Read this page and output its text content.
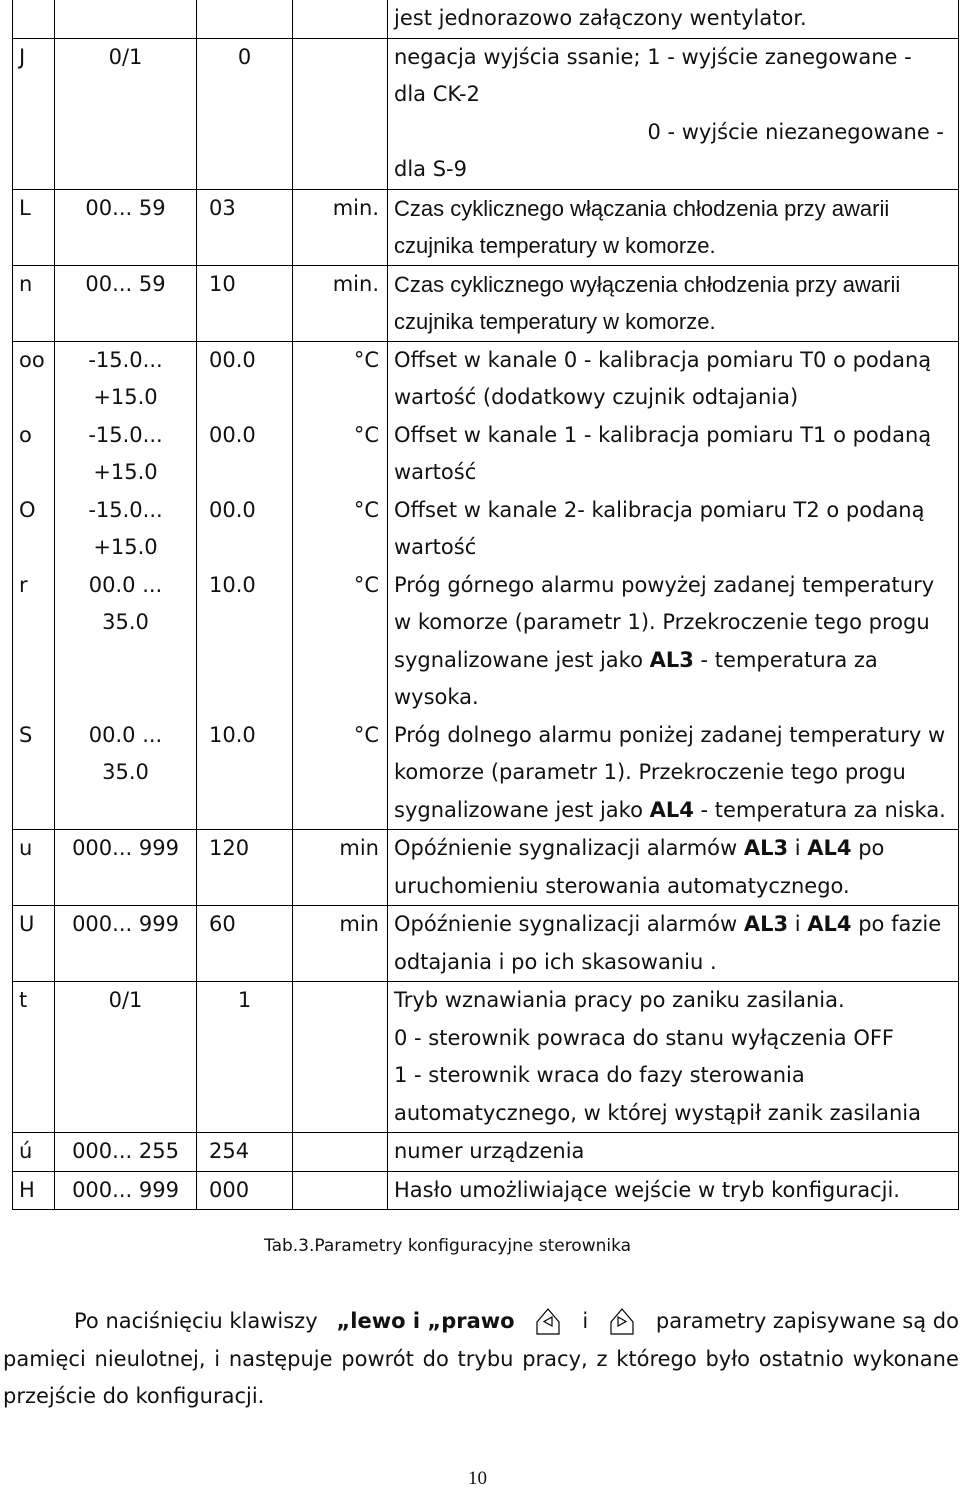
				jest jednorazowo załączony wentylator.

J	0/1	0		negacja wyjścia ssanie; 1 - wyjście zanegowane -
dla CK-2
0 - wyjście niezanegowane -
dla S-9

L	00... 59	03	min.	Czas cyklicznego włączania chłodzenia przy awarii
czujnika temperatury w komorze.

n	00... 59	10	min.	Czas cyklicznego wyłączenia chłodzenia przy awarii
czujnika temperatury w komorze.

oo	-15.0...
+15.0	00.0	°C	Offset w kanale 0 - kalibracja pomiaru T0 o podaną
wartość (dodatkowy czujnik odtajania)

o	-15.0...
+15.0	00.0	°C	Offset w kanale 1 - kalibracja pomiaru T1 o podaną
wartość

O	-15.0...
+15.0	00.0	°C	Offset w kanale 2- kalibracja pomiaru T2 o podaną
wartość

r	00.0 ...
35.0	10.0	°C	Próg górnego alarmu powyżej zadanej temperatury
w komorze (parametr 1). Przekroczenie tego progu
sygnalizowane jest jako AL3 - temperatura za
wysoka.

S	00.0 ...
35.0	10.0	°C	Próg dolnego alarmu poniżej zadanej temperatury w
komorze (parametr 1). Przekroczenie tego progu
sygnalizowane jest jako AL4 - temperatura za niska.

u	000... 999	120	min	Opóźnienie sygnalizacji alarmów AL3 i AL4 po
uruchomieniu sterowania automatycznego.

U	000... 999	60	min	Opóźnienie sygnalizacji alarmów AL3 i AL4 po fazie
odtajania i po ich skasowaniu .

t	0/1	1		Tryb wznawiania pracy po zaniku zasilania.
0 - sterownik powraca do stanu wyłączenia OFF
1 - sterownik wraca do fazy sterowania
automatycznego, w której wystąpił zanik zasilania

ú	000... 255	254		numer urządzenia

H	000... 999	000		Hasło umożliwiające wejście w tryb konfiguracji.
Tab.3.Parametry konfiguracyjne sterownika
Po naciśnięciu klawiszy „lewo i „prawo	i	parametry zapisywane są do
pamięci nieulotnej, i następuje powrót do trybu pracy, z którego było ostatnio wykonane
przejście do konfiguracji.
10
